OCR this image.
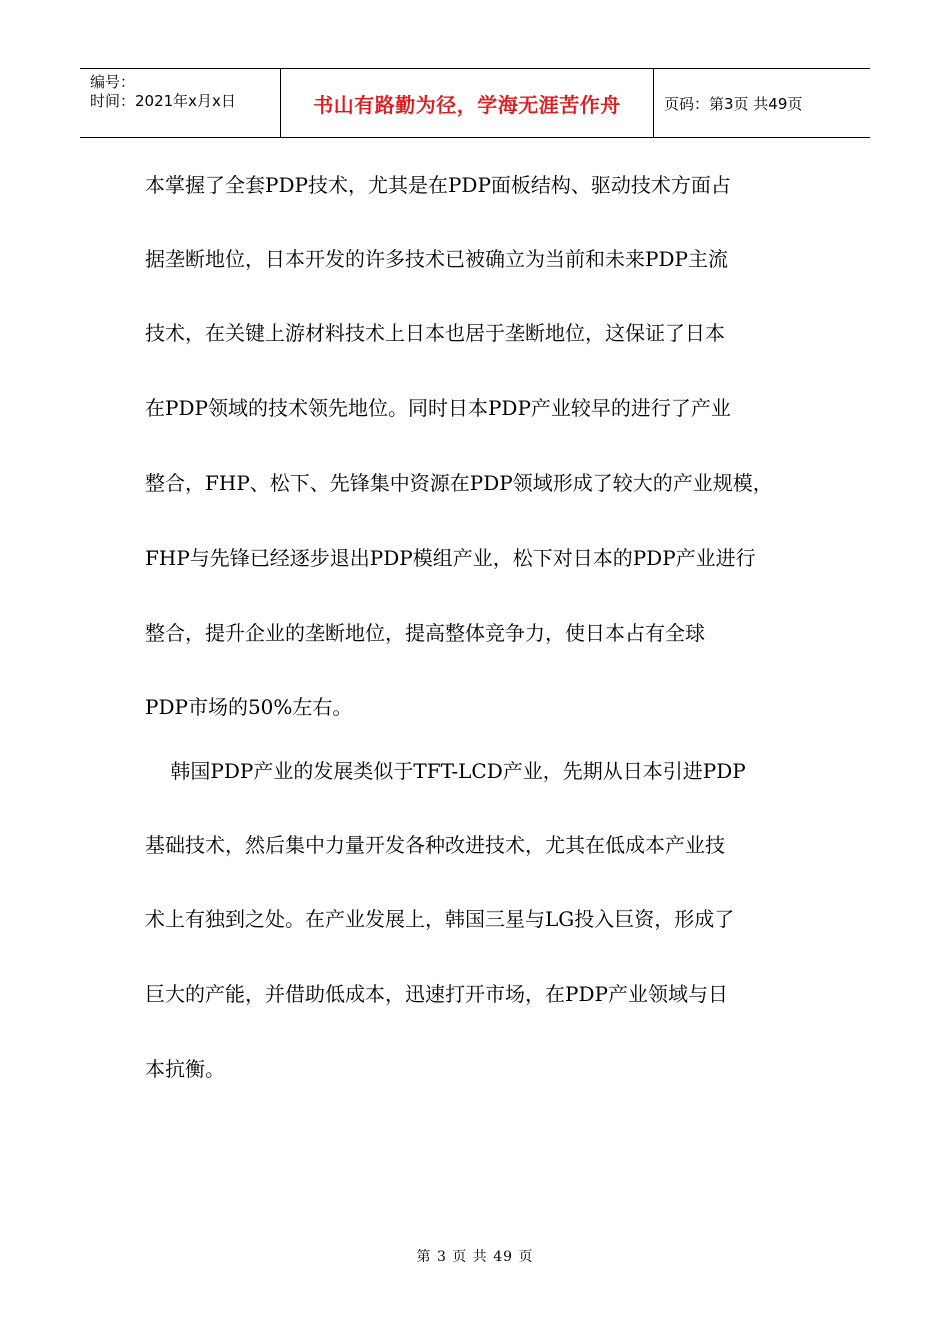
编号：
时间：2021年x月x日	书山有路勤为径，学海无涯苦作舟	页码：第3页 共49页
本掌握了全套PDP技术，尤其是在PDP面板结构、驱动技术方面占
据垄断地位，日本开发的许多技术已被确立为当前和未来PDP主流
技术，在关键上游材料技术上日本也居于垄断地位，这保证了日本
在PDP领域的技术领先地位。同时日本PDP产业较早的进行了产业
整合，FHP、松下、先锋集中资源在PDP领域形成了较大的产业规模，
FHP与先锋已经逐步退出PDP模组产业，松下对日本的PDP产业进行
整合，提升企业的垄断地位，提高整体竞争力，使日本占有全球
PDP市场的50%左右。
韩国PDP产业的发展类似于TFT-LCD产业，先期从日本引进PDP
基础技术，然后集中力量开发各种改进技术，尤其在低成本产业技
术上有独到之处。在产业发展上，韩国三星与LG投入巨资，形成了
巨大的产能，并借助低成本，迅速打开市场，在PDP产业领域与日
本抗衡。
第 3 页 共 49 页
